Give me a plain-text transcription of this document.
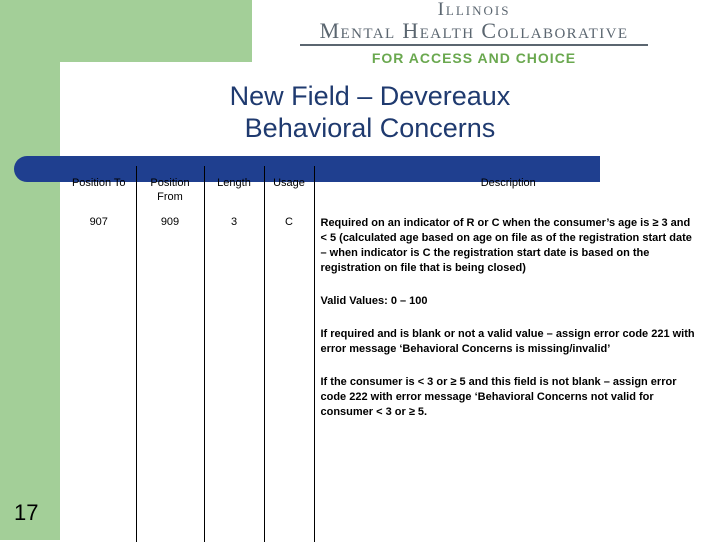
Illinois
Mental Health Collaborative
FOR ACCESS AND CHOICE
New Field – Devereaux
Behavioral Concerns
Position To	Position From	Length	Usage	Description
907	909	3	C	Required on an indicator of R or C when the consumer’s age is ≥ 3 and < 5 (calculated age based on age on file as of the registration start date – when indicator is C the registration start date is based on the registration on file that is being closed)

Valid Values: 0 – 100

If required and is blank or not a valid value – assign error code 221 with error message ‘Behavioral Concerns is missing/invalid’

If the consumer is < 3 or ≥ 5 and this field is not blank – assign error code 222 with error message ‘Behavioral Concerns not valid for consumer < 3 or ≥ 5.

17
